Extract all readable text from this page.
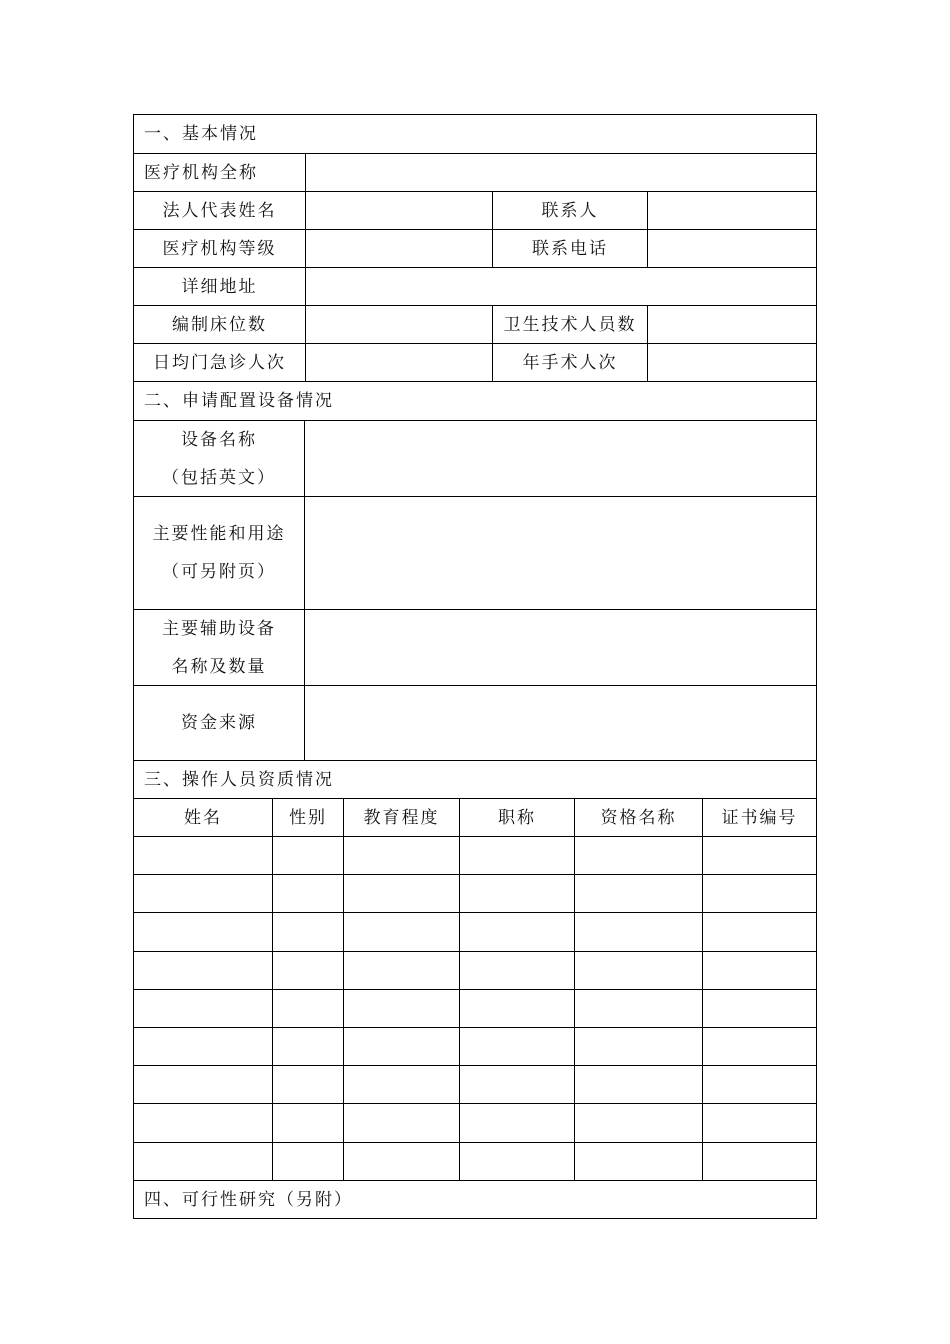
一、基本情况
医疗机构全称
法人代表姓名	联系人
医疗机构等级	联系电话
详细地址
编制床位数	卫生技术人员数
日均门急诊人次	年手术人次
二、申请配置设备情况
设备名称
（包括英文）
主要性能和用途
（可另附页）
主要辅助设备
名称及数量
资金来源
三、操作人员资质情况
姓名	性别	教育程度	职称	资格名称	证书编号
四、可行性研究（另附）
